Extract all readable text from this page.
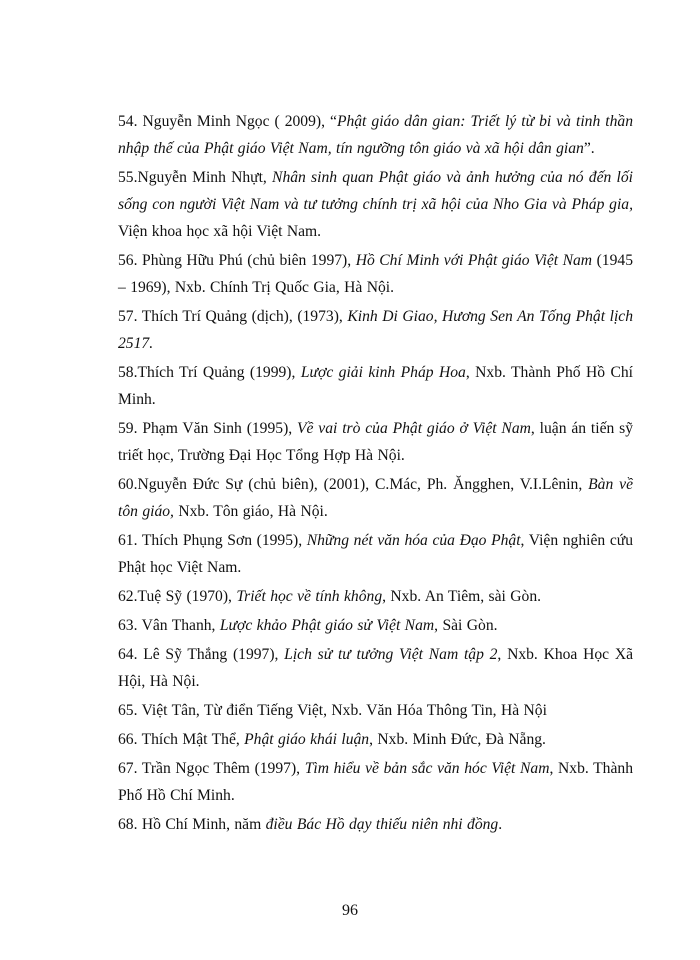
54. Nguyễn Minh Ngọc ( 2009), “Phật giáo dân gian: Triết lý từ bi và tinh thần nhập thế của Phật giáo Việt Nam, tín ngưỡng tôn giáo và xã hội dân gian”.

55.Nguyễn Minh Nhựt, Nhân sinh quan Phật giáo và ảnh hưởng của nó đến lối sống con người Việt Nam và tư tưởng chính trị xã hội của Nho Gia và Pháp gia, Viện khoa học xã hội Việt Nam.

56. Phùng Hữu Phú (chủ biên 1997), Hồ Chí Minh với Phật giáo Việt Nam (1945 – 1969), Nxb. Chính Trị Quốc Gia, Hà Nội.

57. Thích Trí Quảng (dịch), (1973), Kinh Di Giao, Hương Sen An Tống Phật lịch 2517.

58.Thích Trí Quảng (1999), Lược giải kinh Pháp Hoa, Nxb. Thành Phố Hồ Chí Minh.

59. Phạm Văn Sinh (1995), Về vai trò của Phật giáo ở Việt Nam, luận án tiến sỹ triết học, Trường Đại Học Tổng Hợp Hà Nội.

60.Nguyễn Đức Sự (chủ biên), (2001), C.Mác, Ph. Ăngghen, V.I.Lênin, Bàn về tôn giáo, Nxb. Tôn giáo, Hà Nội.

61. Thích Phụng Sơn (1995), Những nét văn hóa của Đạo Phật, Viện nghiên cứu Phật học Việt Nam.

62.Tuệ Sỹ (1970), Triết học về tính không, Nxb. An Tiêm, sài Gòn.

63. Vân Thanh, Lược khảo Phật giáo sử Việt Nam, Sài Gòn.

64. Lê Sỹ Thắng (1997), Lịch sử tư tưởng Việt Nam tập 2, Nxb. Khoa Học Xã Hội, Hà Nội.

65. Việt Tân, Từ điển Tiếng Việt, Nxb. Văn Hóa Thông Tin, Hà Nội

66. Thích Mật Thể, Phật giáo khái luận, Nxb. Minh Đức, Đà Nẵng.

67. Trần Ngọc Thêm (1997), Tìm hiểu về bản sắc văn hóc Việt Nam, Nxb. Thành Phố Hồ Chí Minh.

68. Hồ Chí Minh, năm điều Bác Hồ dạy thiếu niên nhi đồng.

96
